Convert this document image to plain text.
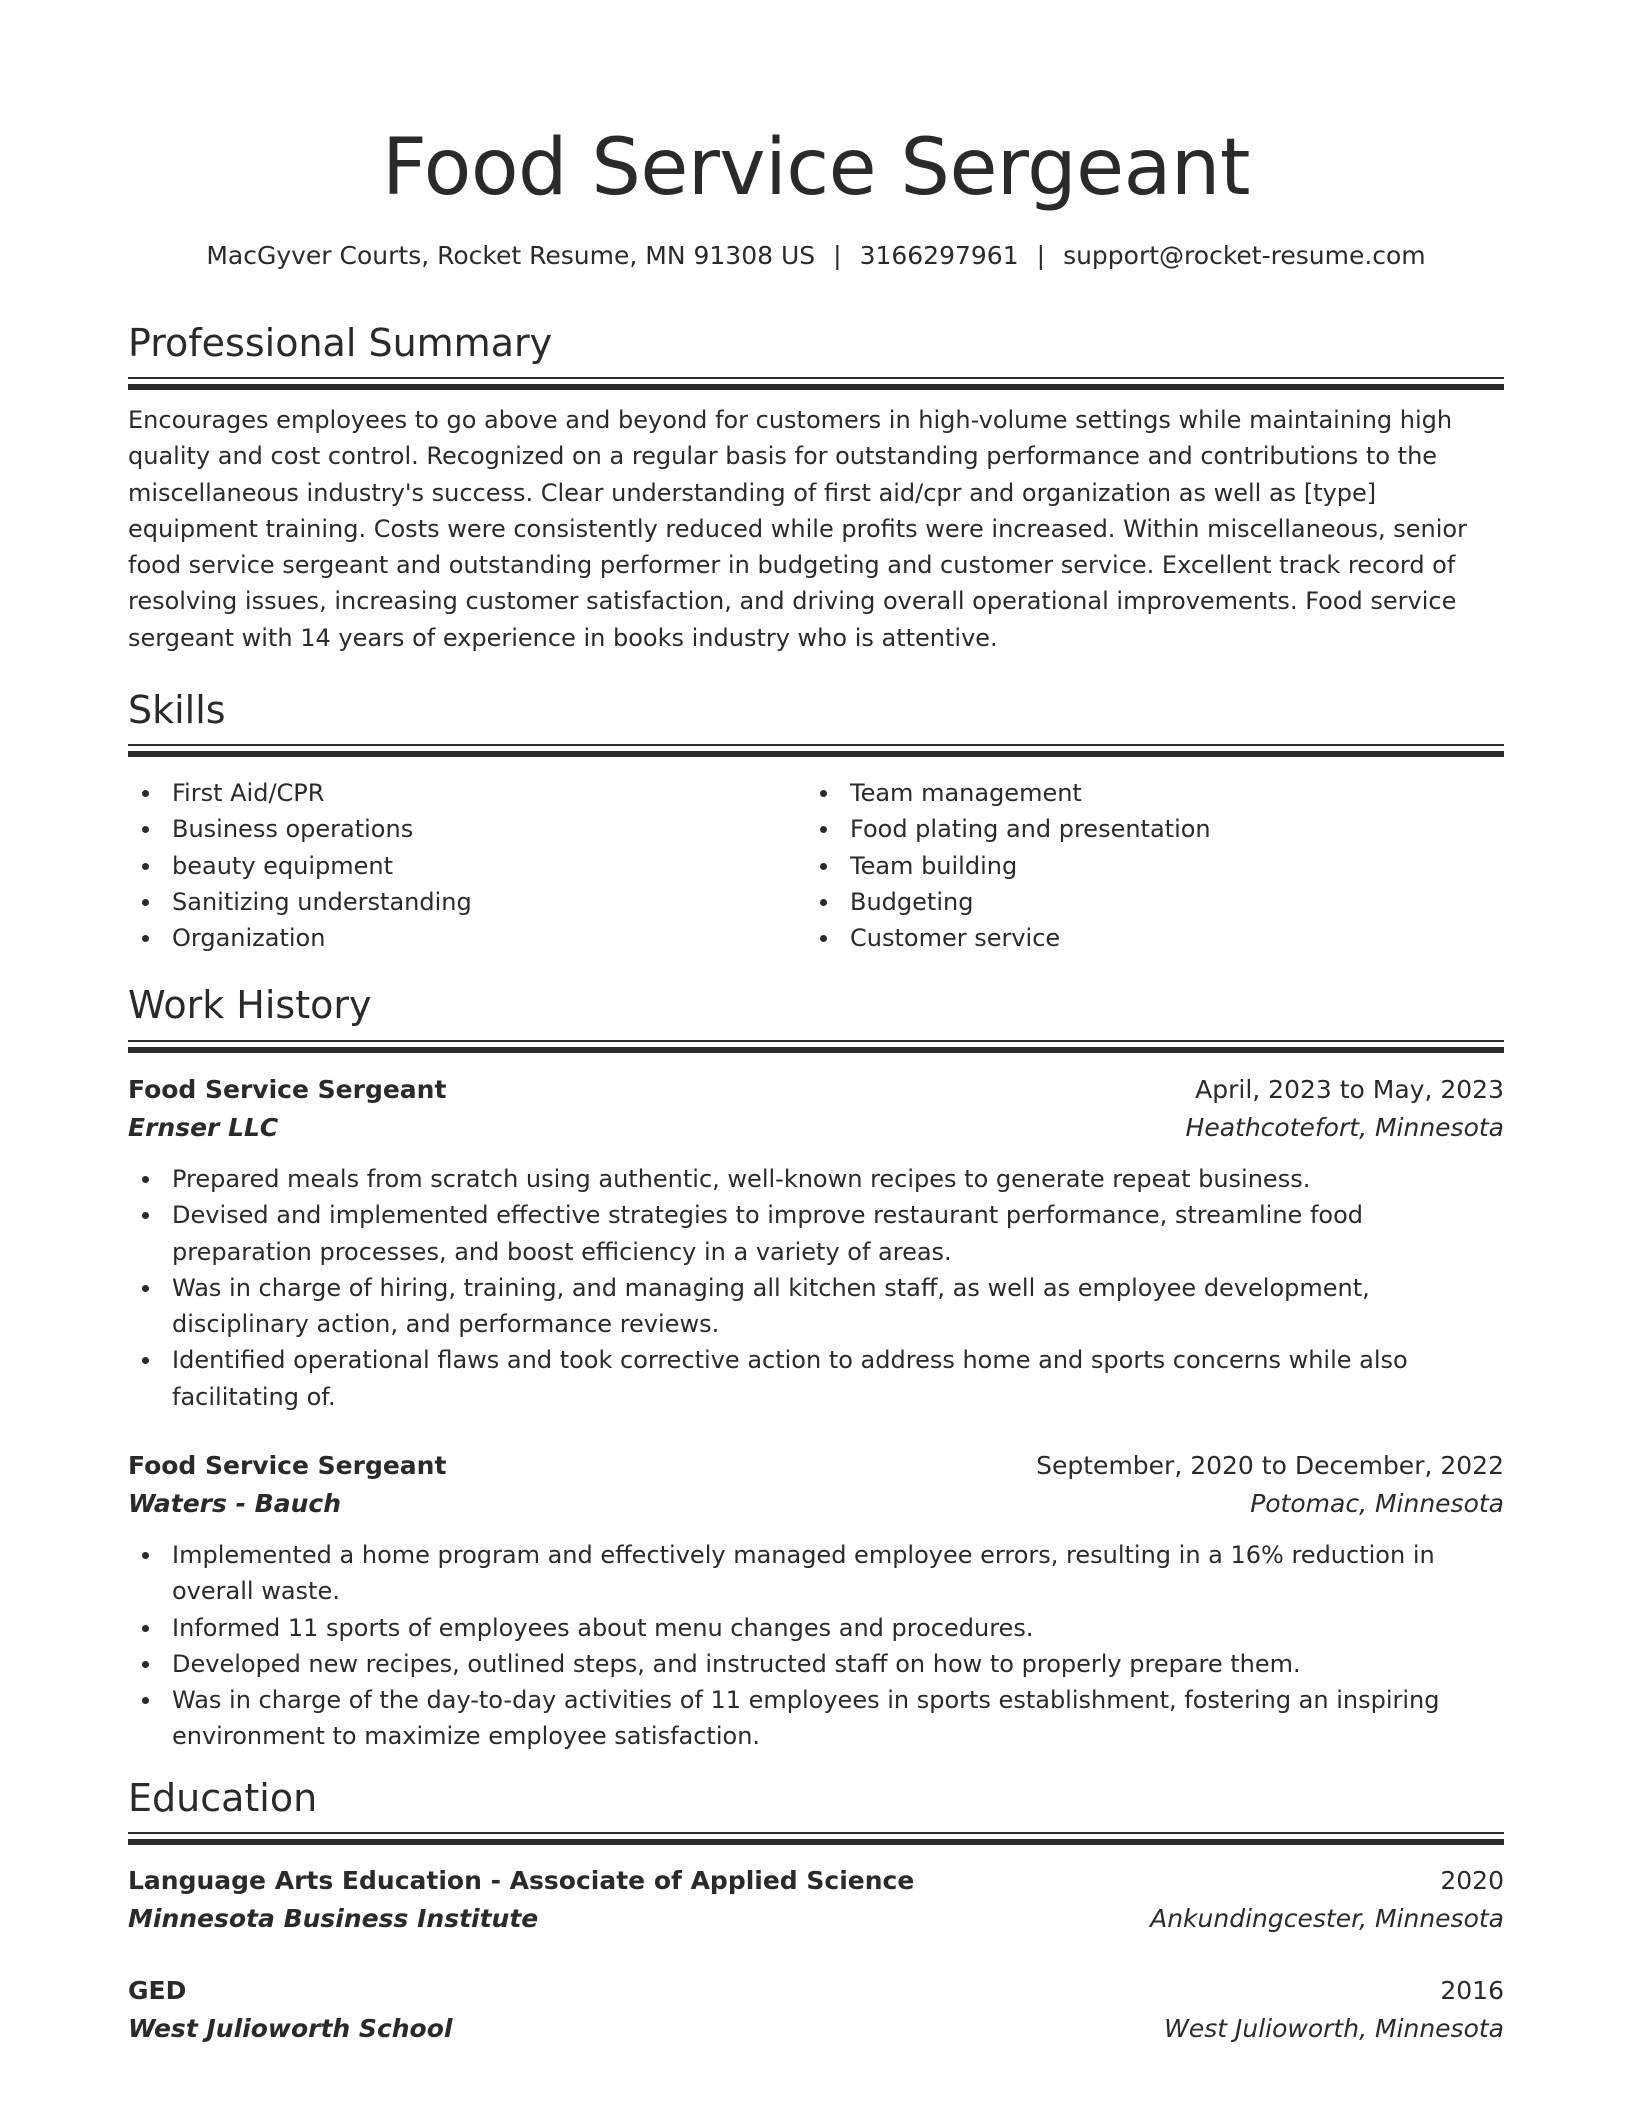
Food Service Sergeant
MacGyver Courts, Rocket Resume, MN 91308 US | 3166297961 | support@rocket-resume.com
Professional Summary

Encourages employees to go above and beyond for customers in high-volume settings while maintaining high quality and cost control. Recognized on a regular basis for outstanding performance and contributions to the miscellaneous industry's success. Clear understanding of first aid/cpr and organization as well as [type] equipment training. Costs were consistently reduced while profits were increased. Within miscellaneous, senior food service sergeant and outstanding performer in budgeting and customer service. Excellent track record of resolving issues, increasing customer satisfaction, and driving overall operational improvements. Food service sergeant with 14 years of experience in books industry who is attentive.

Skills
First Aid/CPR
Business operations
beauty equipment
Sanitizing understanding
Organization
Team management
Food plating and presentation
Team building
Budgeting
Customer service
Work History
Food Service Sergeant	April, 2023 to May, 2023
Ernser LLC	Heathcotefort, Minnesota
Prepared meals from scratch using authentic, well-known recipes to generate repeat business.
Devised and implemented effective strategies to improve restaurant performance, streamline food preparation processes, and boost efficiency in a variety of areas.
Was in charge of hiring, training, and managing all kitchen staff, as well as employee development, disciplinary action, and performance reviews.
Identified operational flaws and took corrective action to address home and sports concerns while also facilitating of.
Food Service Sergeant	September, 2020 to December, 2022
Waters - Bauch	Potomac, Minnesota
Implemented a home program and effectively managed employee errors, resulting in a 16% reduction in overall waste.
Informed 11 sports of employees about menu changes and procedures.
Developed new recipes, outlined steps, and instructed staff on how to properly prepare them.
Was in charge of the day-to-day activities of 11 employees in sports establishment, fostering an inspiring environment to maximize employee satisfaction.
Education
Language Arts Education - Associate of Applied Science	2020
Minnesota Business Institute	Ankundingcester, Minnesota
GED	2016
West Julioworth School	West Julioworth, Minnesota
